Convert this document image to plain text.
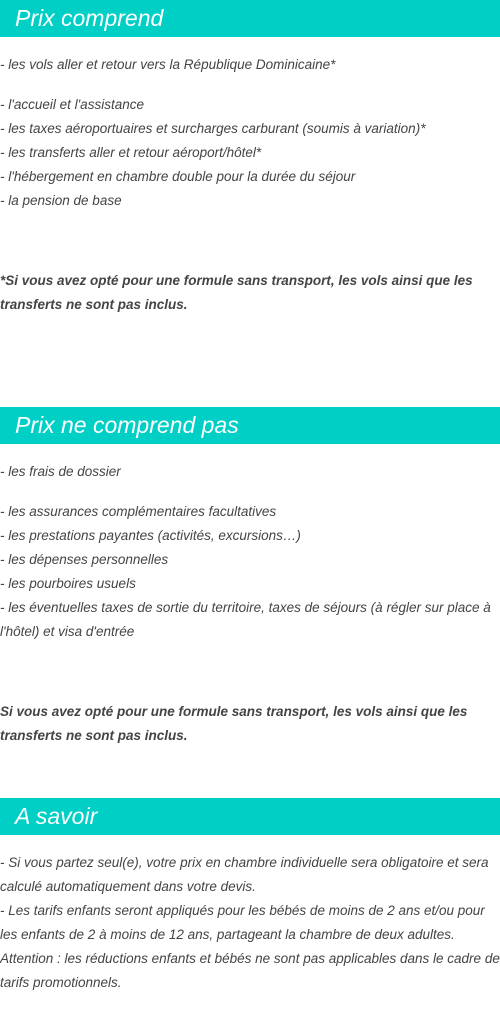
Prix comprend
- les vols aller et retour vers la République Dominicaine*
- l'accueil et l'assistance
- les taxes aéroportuaires et surcharges carburant (soumis à variation)*
- les transferts aller et retour aéroport/hôtel*
- l'hébergement en chambre double pour la durée du séjour
- la pension de base
*Si vous avez opté pour une formule sans transport, les vols ainsi que les transferts ne sont pas inclus.
Prix ne comprend pas
- les frais de dossier
- les assurances complémentaires facultatives
- les prestations payantes (activités, excursions…)
- les dépenses personnelles
- les pourboires usuels
- les éventuelles taxes de sortie du territoire, taxes de séjours (à régler sur place à l'hôtel) et visa d'entrée
Si vous avez opté pour une formule sans transport, les vols ainsi que les transferts ne sont pas inclus.
A savoir
- Si vous partez seul(e), votre prix en chambre individuelle sera obligatoire et sera calculé automatiquement dans votre devis.
- Les tarifs enfants seront appliqués pour les bébés de moins de 2 ans et/ou pour les enfants de 2 à moins de 12 ans, partageant la chambre de deux adultes.
Attention : les réductions enfants et bébés ne sont pas applicables dans le cadre de tarifs promotionnels.
